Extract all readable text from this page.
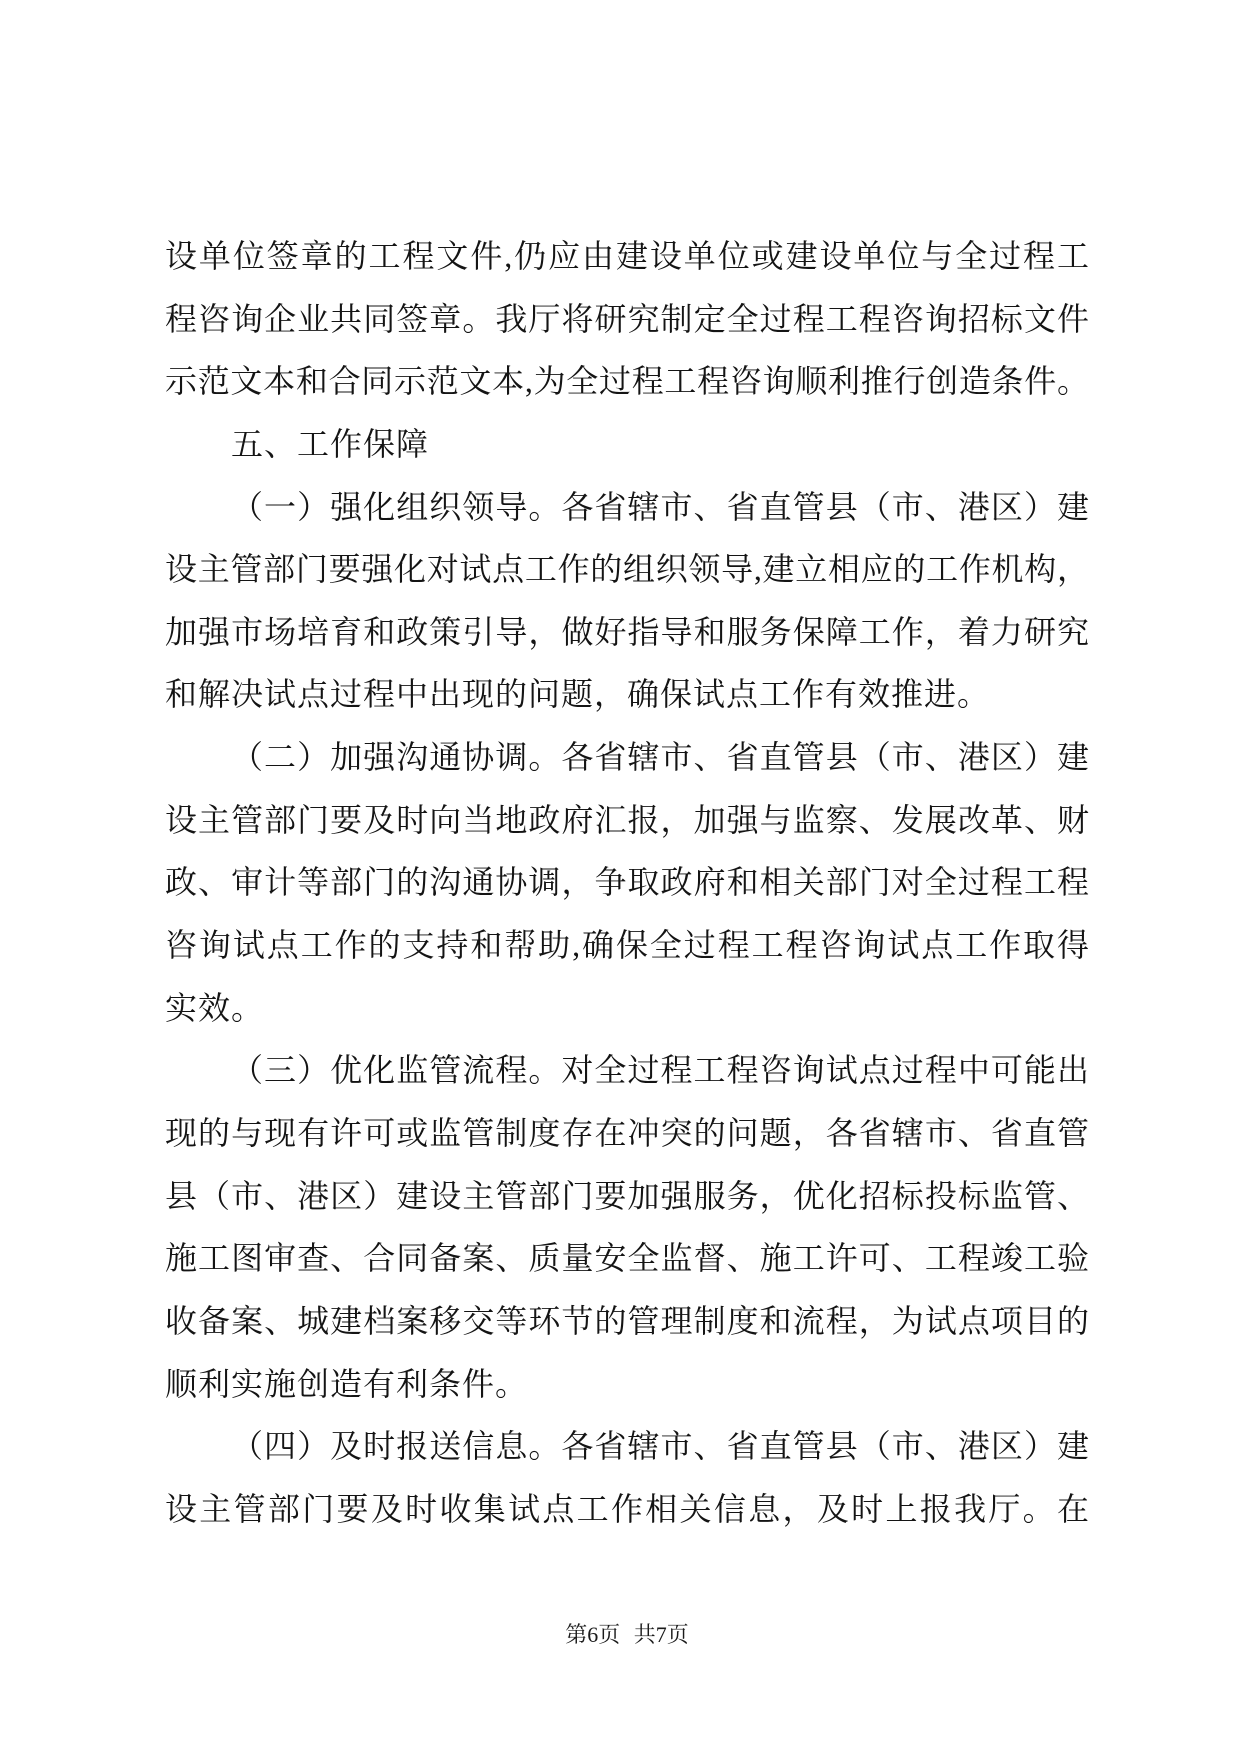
设单位签章的工程文件,仍应由建设单位或建设单位与全过程工
程咨询企业共同签章。我厅将研究制定全过程工程咨询招标文件
示范文本和合同示范文本,为全过程工程咨询顺利推行创造条件。
五、工作保障
（一）强化组织领导。各省辖市、省直管县（市、港区）建
设主管部门要强化对试点工作的组织领导,建立相应的工作机构，
加强市场培育和政策引导，做好指导和服务保障工作，着力研究
和解决试点过程中出现的问题，确保试点工作有效推进。
（二）加强沟通协调。各省辖市、省直管县（市、港区）建
设主管部门要及时向当地政府汇报，加强与监察、发展改革、财
政、审计等部门的沟通协调，争取政府和相关部门对全过程工程
咨询试点工作的支持和帮助,确保全过程工程咨询试点工作取得
实效。
（三）优化监管流程。对全过程工程咨询试点过程中可能出
现的与现有许可或监管制度存在冲突的问题，各省辖市、省直管
县（市、港区）建设主管部门要加强服务，优化招标投标监管、
施工图审查、合同备案、质量安全监督、施工许可、工程竣工验
收备案、城建档案移交等环节的管理制度和流程，为试点项目的
顺利实施创造有利条件。
（四）及时报送信息。各省辖市、省直管县（市、港区）建
设主管部门要及时收集试点工作相关信息，及时上报我厅。在
第6页 共7页
